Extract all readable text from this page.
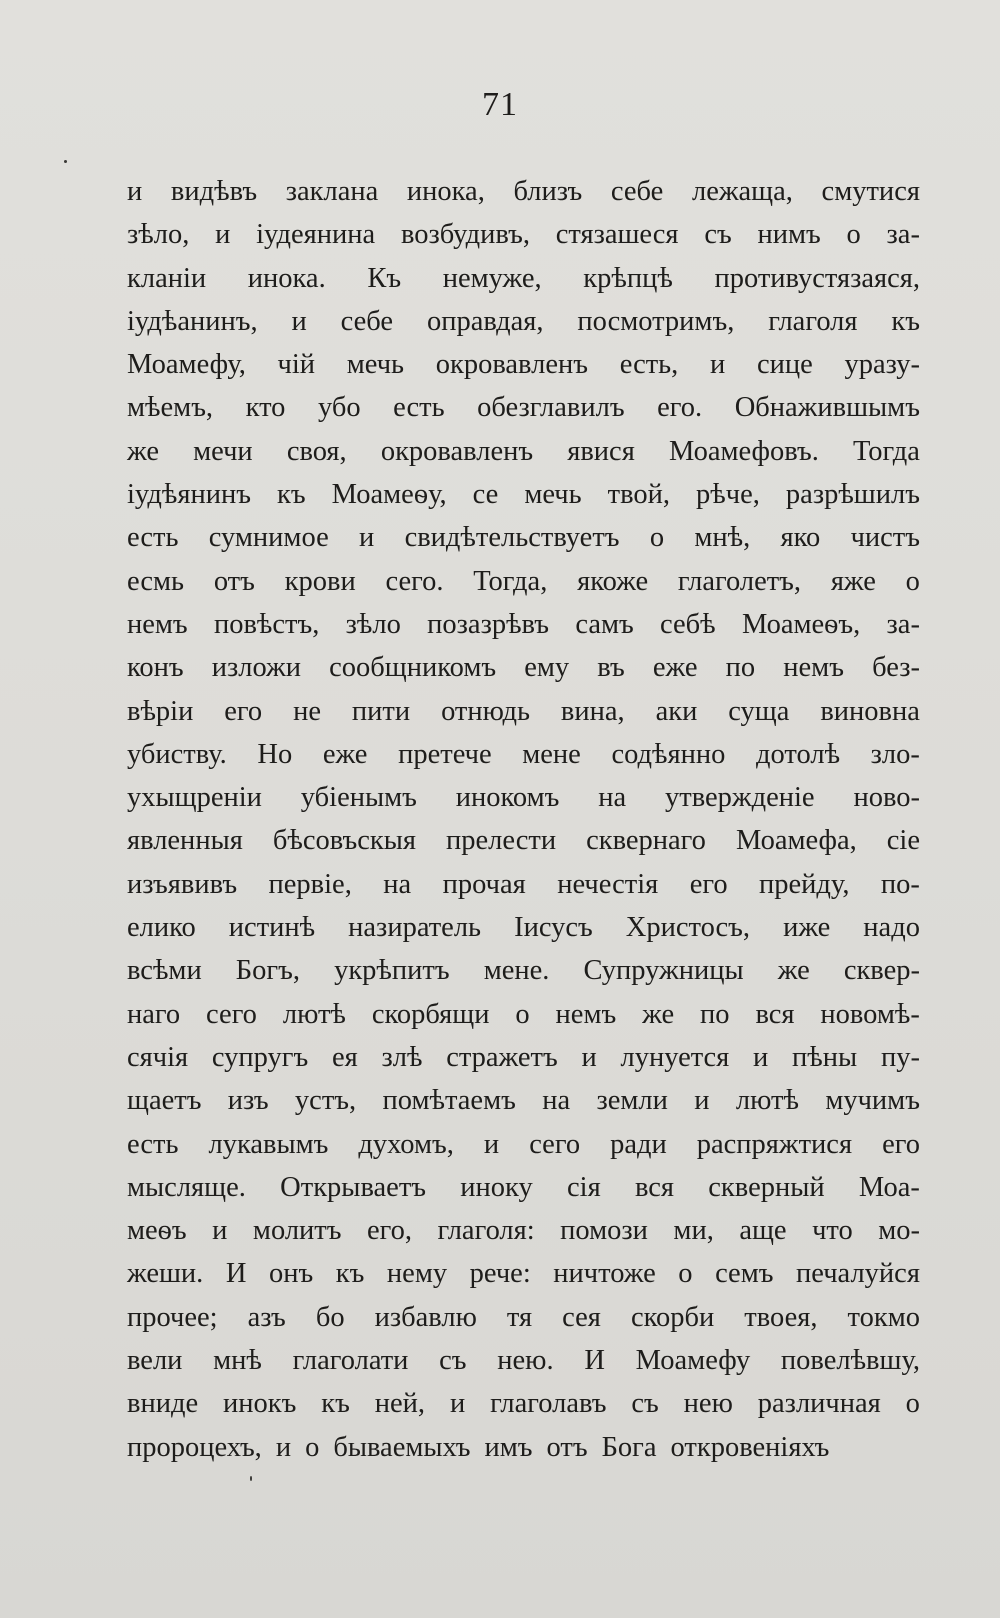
71
и видѣвъ заклана инока, близъ себе лежаща, смутися
зѣло, и іудеянина возбудивъ, стязашеся съ нимъ о за-
кланіи инока. Къ немуже, крѣпцѣ противустязаяся,
іудѣанинъ, и себе оправдая, посмотримъ, глаголя къ
Моамефу, чій мечь окровавленъ есть, и сице уразу-
мѣемъ, кто убо есть обезглавилъ его. Обнажившымъ
же мечи своя, окровавленъ явися Моамефовъ. Тогда
іудѣянинъ къ Моамеѳу, се мечь твой, рѣче, разрѣшилъ
есть сумнимое и свидѣтельствуетъ о мнѣ, яко чистъ
есмь отъ крови сего. Тогда, якоже глаголетъ, яже о
немъ повѣстъ, зѣло позазрѣвъ самъ себѣ Моамеѳъ, за-
конъ изложи сообщникомъ ему въ еже по немъ без-
вѣріи его не пити отнюдь вина, аки суща виновна
убиству. Но еже претече мене содѣянно дотолѣ зло-
ухыщреніи убіенымъ инокомъ на утвержденіе ново-
явленныя бѣсовъскыя прелести сквернаго Моамефа, сіе
изъявивъ первіе, на прочая нечестія его прейду, по-
елико истинѣ назиратель Іисусъ Христосъ, иже надо
всѣми Богъ, укрѣпитъ мене. Супружницы же сквер-
наго сего лютѣ скорбящи о немъ же по вся новомѣ-
сячія супругъ ея злѣ стражетъ и лунуется и пѣны пу-
щаетъ изъ устъ, помѣтаемъ на земли и лютѣ мучимъ
есть лукавымъ духомъ, и сего ради распряжтися его
мысляще. Открываетъ иноку сія вся скверный Моа-
меѳъ и молитъ его, глаголя: помози ми, аще что мо-
жеши. И онъ къ нему рече: ничтоже о семъ печалуйся
прочее; азъ бо избавлю тя сея скорби твоея, токмо
вели мнѣ глаголати съ нею. И Моамефу повелѣвшу,
вниде инокъ къ ней, и глаголавъ съ нею различная о
пророцехъ, и о бываемыхъ имъ отъ Бога откровеніяхъ
